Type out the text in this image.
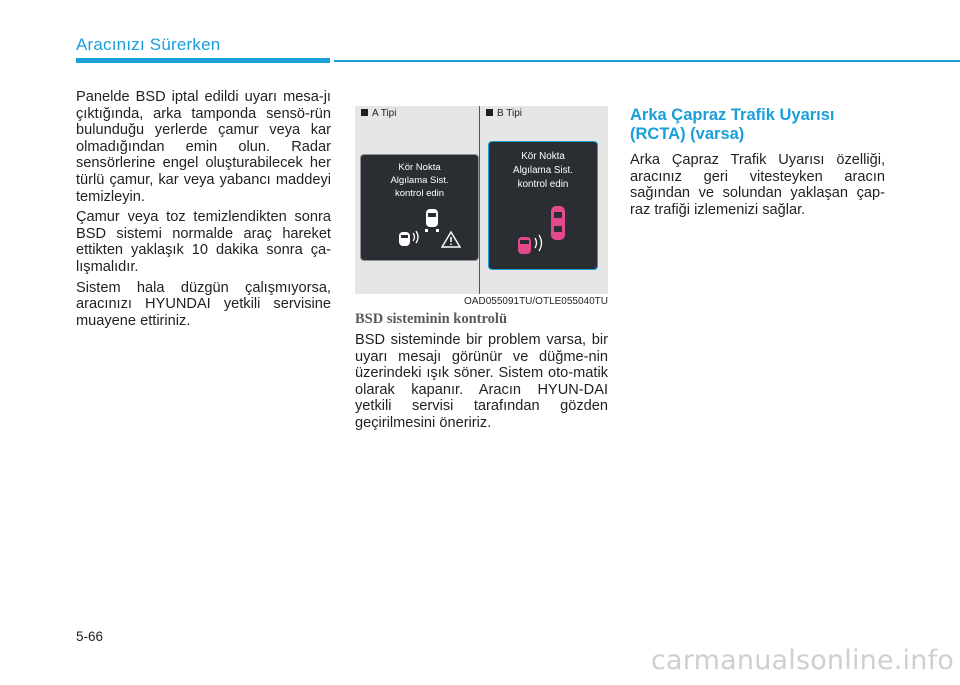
Aracınızı Sürerken

Panelde BSD iptal edildi uyarı mesa-jı çıktığında, arka tamponda sensö-rün bulunduğu yerlerde çamur veya kar olmadığından emin olun. Radar sensörlerine engel oluşturabilecek her türlü çamur, kar veya yabancı maddeyi temizleyin.

Çamur veya toz temizlendikten sonra BSD sistemi normalde araç hareket ettikten yaklaşık 10 dakika sonra ça-lışmalıdır.

Sistem hala düzgün çalışmıyorsa, aracınızı HYUNDAI yetkili servisine muayene ettiriniz.

A Tipi	B Tipi
Kör Nokta
Algılama Sist.
kontrol edin
Kör Nokta
Algılama Sist.
kontrol edin
OAD055091TU/OTLE055040TU
BSD sisteminin kontrolü

BSD sisteminde bir problem varsa, bir uyarı mesajı görünür ve düğme-nin üzerindeki ışık söner. Sistem oto-matik olarak kapanır. Aracın HYUN-DAI yetkili servisi tarafından gözden geçirilmesini öneririz.

Arka Çapraz Trafik Uyarısı (RCTA) (varsa)

Arka Çapraz Trafik Uyarısı özelliği, aracınız geri vitesteyken aracın sağından ve solundan yaklaşan çap-raz trafiği izlemenizi sağlar.

5-66
carmanualsonline.info
